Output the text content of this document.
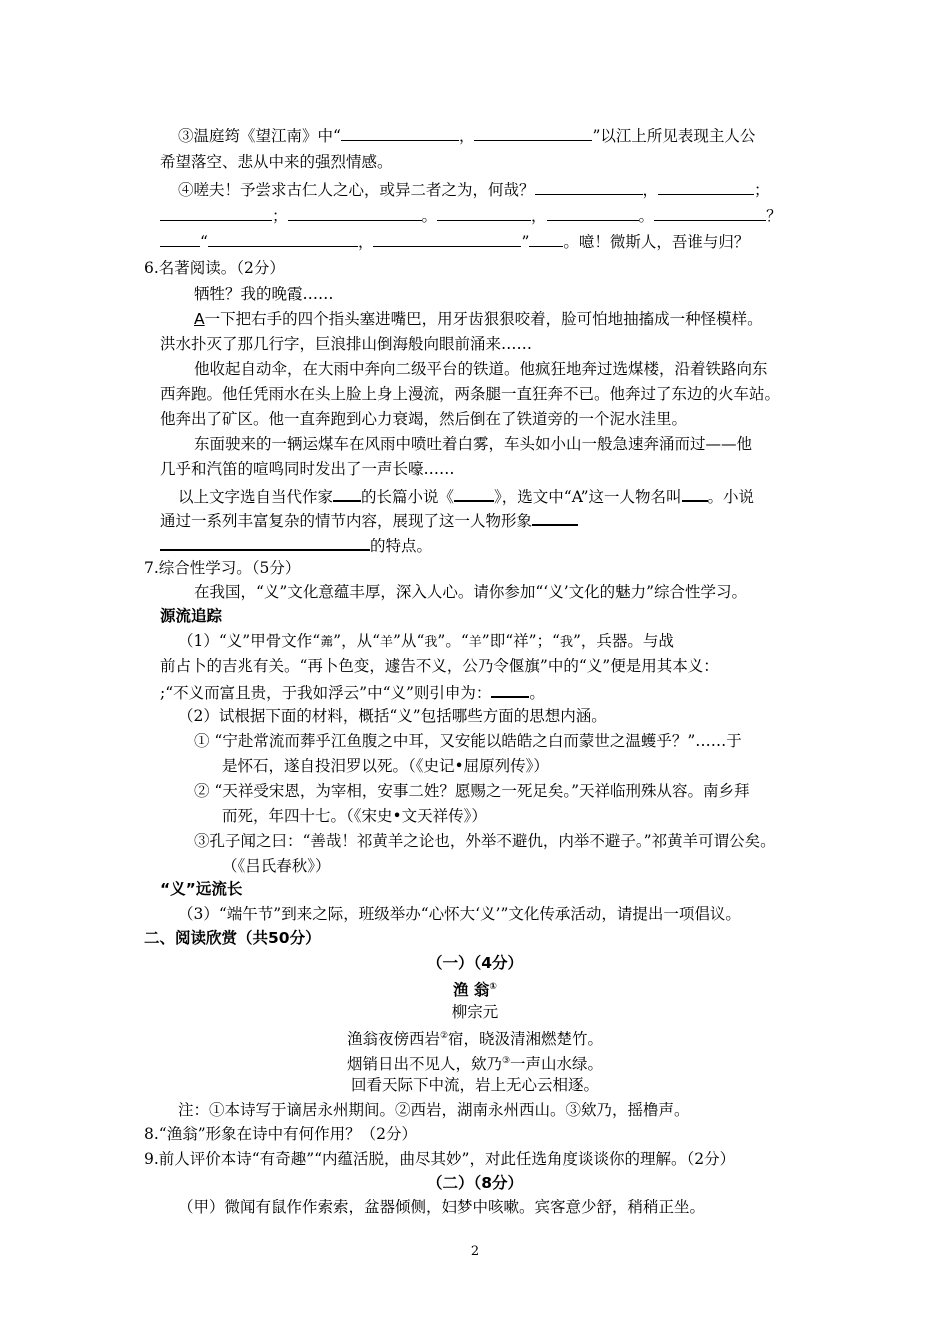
③温庭筠《望江南》中“	，	”以江上所见表现主人公
希望落空、悲从中来的强烈情感。
④嗟夫！予尝求古仁人之心，或异二者之为，何哉？	，	；
；	。	，	。	？
“	，	” 。噫！微斯人，吾谁与归？
6.名著阅读。（2分）
牺牲？我的晚霞……
A一下把右手的四个指头塞进嘴巴，用牙齿狠狠咬着，脸可怕地抽搐成一种怪模样。
洪水扑灭了那几行字，巨浪排山倒海般向眼前涌来……
他收起自动伞，在大雨中奔向二级平台的铁道。他疯狂地奔过选煤楼，沿着铁路向东
西奔跑。他任凭雨水在头上脸上身上漫流，两条腿一直狂奔不已。他奔过了东边的火车站。
他奔出了矿区。他一直奔跑到心力衰竭，然后倒在了铁道旁的一个泥水洼里。
东面驶来的一辆运煤车在风雨中喷吐着白雾，车头如小山一般急速奔涌而过——他
几乎和汽笛的喧鸣同时发出了一声长嚎……
以上文字选自当代作家 的长篇小说《	》，选文中“A”这一人物名叫 。小说
通过一系列丰富复杂的情节内容，展现了这一人物形象
的特点。
7.综合性学习。（5分）
在我国，“义”文化意蕴丰厚，深入人心。请你参加“‘义’文化的魅力”综合性学习。
源流追踪
（1）“义”甲骨文作“羛”，从“羊”从“我”。“羊”即“祥”；“我”，兵器。与战
前占卜的吉兆有关。“再卜色变，遽告不义，公乃令偃旗”中的“义”便是用其本义：
;“不义而富且贵，于我如浮云”中“义”则引申为： 。
（2）试根据下面的材料，概括“义”包括哪些方面的思想内涵。
① “宁赴常流而葬乎江鱼腹之中耳，又安能以皓皓之白而蒙世之温蠖乎？”……于
是怀石，遂自投汨罗以死。（《史记•屈原列传》）
② “天祥受宋恩，为宰相，安事二姓？愿赐之一死足矣。”天祥临刑殊从容。南乡拜
而死，年四十七。（《宋史•文天祥传》）
③孔子闻之曰：“善哉！祁黄羊之论也，外举不避仇，内举不避子。”祁黄羊可谓公矣。
（《吕氏春秋》）
“义”远流长
（3）“端午节”到来之际，班级举办“心怀大‘义’”文化传承活动，请提出一项倡议。
二、阅读欣赏（共50分）
（一）（4分）
渔 翁①
柳宗元
渔翁夜傍西岩②宿，晓汲清湘燃楚竹。
烟销日出不见人，欸乃③一声山水绿。
回看天际下中流，岩上无心云相逐。
注：①本诗写于谪居永州期间。②西岩，湖南永州西山。③欸乃，摇橹声。
8.“渔翁”形象在诗中有何作用？（2分）
9.前人评价本诗“有奇趣”“内蕴活脱，曲尽其妙”，对此任选角度谈谈你的理解。（2分）
（二）（8分）
（甲）微闻有鼠作作索索，盆器倾侧，妇梦中咳嗽。宾客意少舒，稍稍正坐。
2
